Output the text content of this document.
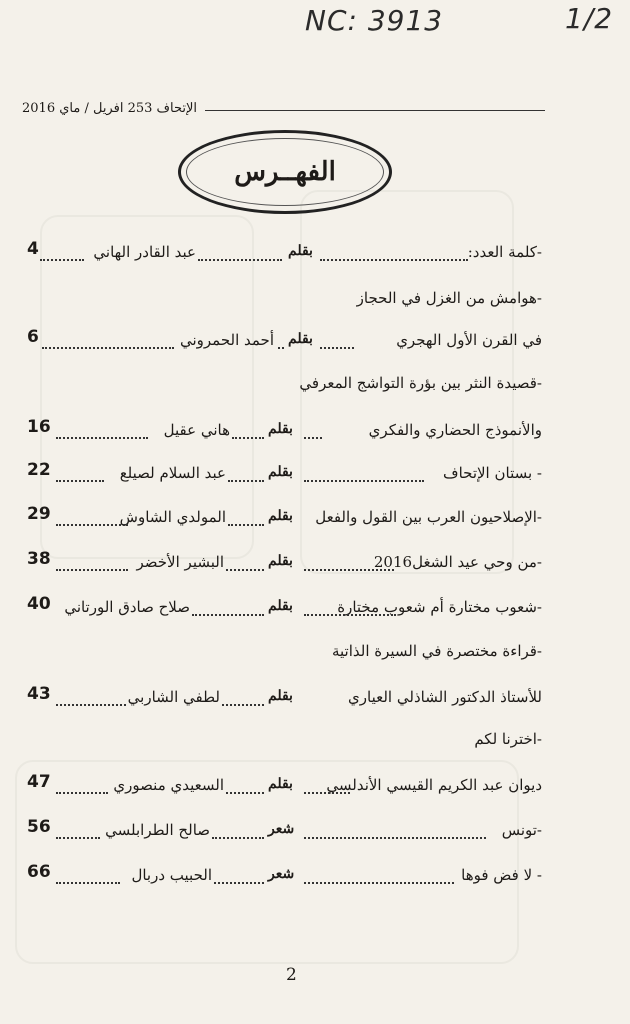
NC: 3913	1/2
الإتحاف 253 افريل / ماي 2016
الفهــرس
-كلمة العدد:
بقلم
عبد القادر الهاني
4
-هوامش من الغزل في الحجاز
في القرن الأول الهجري
بقلم
أحمد الحمروني
6
-قصيدة النثر بين بؤرة التواشج المعرفي
والأنموذج الحضاري والفكري
بقلم
هاني عقيل
16
- بستان الإتحاف
بقلم
عبد السلام لصيلع
22
-الإصلاحيون العرب بين القول والفعل
بقلم
المولدي الشاوش
29
-من وحي عيد الشغل2016
بقلم
البشير الأخضر
38
-شعوب مختارة أم شعوب مختارة
بقلم
صلاح صادق الورتاني
40
-قراءة مختصرة في السيرة الذاتية
للأستاذ الدكتور الشاذلي العياري
بقلم
لطفي الشاربي
43
-اخترنا لكم
ديوان عبد الكريم القيسي الأندلسي
بقلم
السعيدي منصوري
47
-تونس
شعر
صالح الطرابلسي
56
- لا فض فوها
شعر
الحبيب دربال
66
2
